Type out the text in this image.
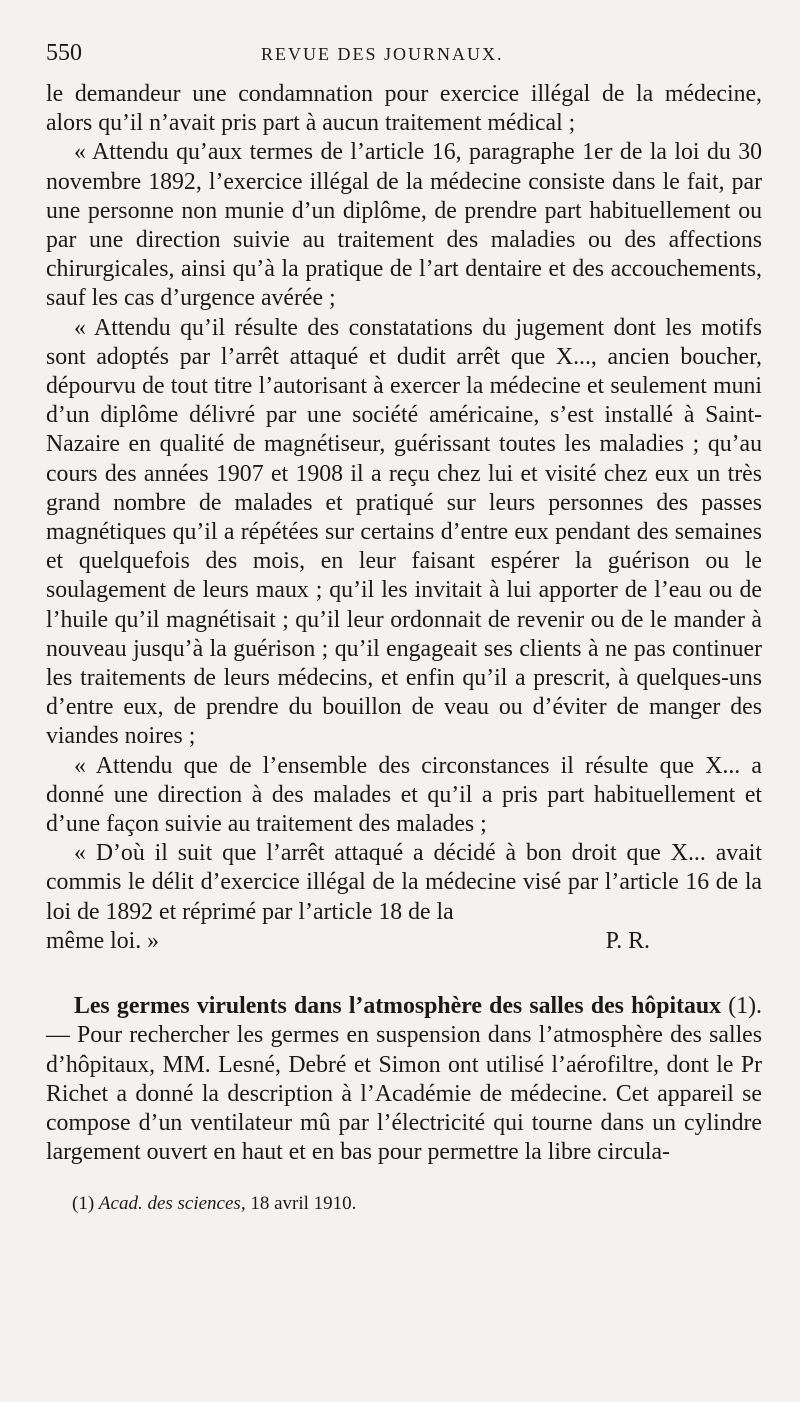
550	REVUE DES JOURNAUX.

le demandeur une condamnation pour exercice illégal de la médecine, alors qu’il n’avait pris part à aucun traitement médical ;

« Attendu qu’aux termes de l’article 16, paragraphe 1er de la loi du 30 novembre 1892, l’exercice illégal de la médecine consiste dans le fait, par une personne non munie d’un diplôme, de prendre part habituellement ou par une direction suivie au traitement des maladies ou des affections chirurgicales, ainsi qu’à la pratique de l’art dentaire et des accouchements, sauf les cas d’urgence avérée ;

« Attendu qu’il résulte des constatations du jugement dont les motifs sont adoptés par l’arrêt attaqué et dudit arrêt que X..., ancien boucher, dépourvu de tout titre l’autorisant à exercer la médecine et seulement muni d’un diplôme délivré par une société américaine, s’est installé à Saint-Nazaire en qualité de magnétiseur, guérissant toutes les maladies ; qu’au cours des années 1907 et 1908 il a reçu chez lui et visité chez eux un très grand nombre de malades et pratiqué sur leurs personnes des passes magnétiques qu’il a répétées sur certains d’entre eux pendant des semaines et quelquefois des mois, en leur faisant espérer la guérison ou le soulagement de leurs maux ; qu’il les invitait à lui apporter de l’eau ou de l’huile qu’il magnétisait ; qu’il leur ordonnait de revenir ou de le mander à nouveau jusqu’à la guérison ; qu’il engageait ses clients à ne pas continuer les traitements de leurs médecins, et enfin qu’il a prescrit, à quelques-uns d’entre eux, de prendre du bouillon de veau ou d’éviter de manger des viandes noires ;

« Attendu que de l’ensemble des circonstances il résulte que X... a donné une direction à des malades et qu’il a pris part habituellement et d’une façon suivie au traitement des malades ;

« D’où il suit que l’arrêt attaqué a décidé à bon droit que X... avait commis le délit d’exercice illégal de la médecine visé par l’article 16 de la loi de 1892 et réprimé par l’article 18 de la

même loi. »	P. R.

Les germes virulents dans l’atmosphère des salles des hôpitaux (1). — Pour rechercher les germes en suspension dans l’atmosphère des salles d’hôpitaux, MM. Lesné, Debré et Simon ont utilisé l’aérofiltre, dont le Pr Richet a donné la description à l’Académie de médecine. Cet appareil se compose d’un ventilateur mû par l’électricité qui tourne dans un cylindre largement ouvert en haut et en bas pour permettre la libre circula-

(1) Acad. des sciences, 18 avril 1910.
